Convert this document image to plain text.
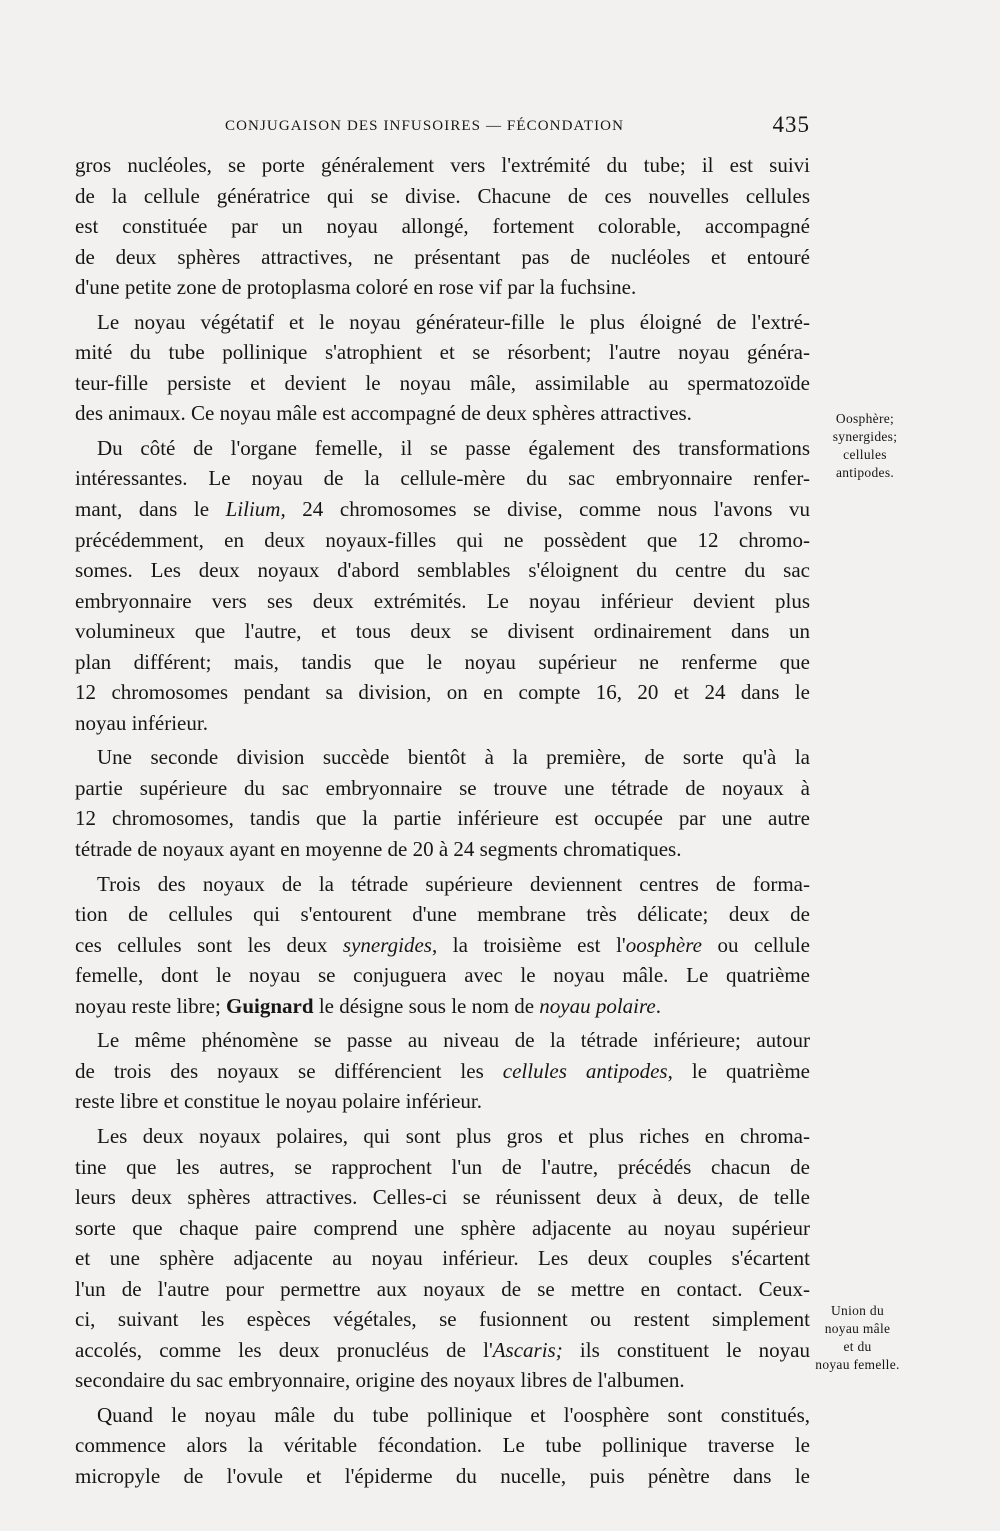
CONJUGAISON DES INFUSOIRES — FÉCONDATION	435
gros nucléoles, se porte généralement vers l'extrémité du tube; il est suivi
de la cellule génératrice qui se divise. Chacune de ces nouvelles cellules
est constituée par un noyau allongé, fortement colorable, accompagné
de deux sphères attractives, ne présentant pas de nucléoles et entouré
d'une petite zone de protoplasma coloré en rose vif par la fuchsine.
Le noyau végétatif et le noyau générateur-fille le plus éloigné de l'extré-
mité du tube pollinique s'atrophient et se résorbent; l'autre noyau généra-
teur-fille persiste et devient le noyau mâle, assimilable au spermatozoïde
des animaux. Ce noyau mâle est accompagné de deux sphères attractives.
Du côté de l'organe femelle, il se passe également des transformations
intéressantes. Le noyau de la cellule-mère du sac embryonnaire renfer-
mant, dans le Lilium, 24 chromosomes se divise, comme nous l'avons vu
précédemment, en deux noyaux-filles qui ne possèdent que 12 chromo-
somes. Les deux noyaux d'abord semblables s'éloignent du centre du sac
embryonnaire vers ses deux extrémités. Le noyau inférieur devient plus
volumineux que l'autre, et tous deux se divisent ordinairement dans un
plan différent; mais, tandis que le noyau supérieur ne renferme que
12 chromosomes pendant sa division, on en compte 16, 20 et 24 dans le
noyau inférieur.
Une seconde division succède bientôt à la première, de sorte qu'à la
partie supérieure du sac embryonnaire se trouve une tétrade de noyaux à
12 chromosomes, tandis que la partie inférieure est occupée par une autre
tétrade de noyaux ayant en moyenne de 20 à 24 segments chromatiques.
Trois des noyaux de la tétrade supérieure deviennent centres de forma-
tion de cellules qui s'entourent d'une membrane très délicate; deux de
ces cellules sont les deux synergides, la troisième est l'oosphère ou cellule
femelle, dont le noyau se conjuguera avec le noyau mâle. Le quatrième
noyau reste libre; Guignard le désigne sous le nom de noyau polaire.
Le même phénomène se passe au niveau de la tétrade inférieure; autour
de trois des noyaux se différencient les cellules antipodes, le quatrième
reste libre et constitue le noyau polaire inférieur.
Les deux noyaux polaires, qui sont plus gros et plus riches en chroma-
tine que les autres, se rapprochent l'un de l'autre, précédés chacun de
leurs deux sphères attractives. Celles-ci se réunissent deux à deux, de telle
sorte que chaque paire comprend une sphère adjacente au noyau supérieur
et une sphère adjacente au noyau inférieur. Les deux couples s'écartent
l'un de l'autre pour permettre aux noyaux de se mettre en contact. Ceux-
ci, suivant les espèces végétales, se fusionnent ou restent simplement
accolés, comme les deux pronucléus de l'Ascaris; ils constituent le noyau
secondaire du sac embryonnaire, origine des noyaux libres de l'albumen.
Quand le noyau mâle du tube pollinique et l'oosphère sont constitués,
commence alors la véritable fécondation. Le tube pollinique traverse le
micropyle de l'ovule et l'épiderme du nucelle, puis pénètre dans le
Oosphère;
synergides;
cellules
antipodes.
Union du
noyau mâle
et du
noyau femelle.
